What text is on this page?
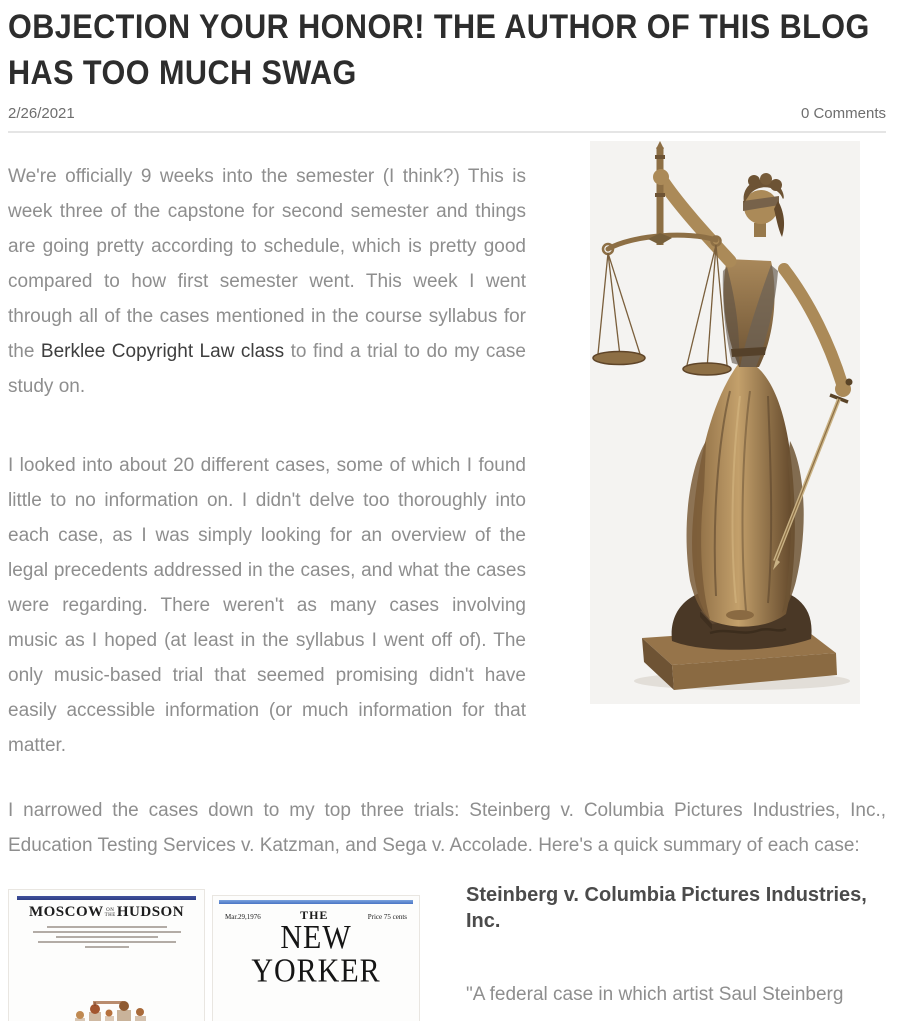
OBJECTION YOUR HONOR! THE AUTHOR OF THIS BLOG
HAS TOO MUCH SWAG
2/26/2021	0 Comments

We're officially 9 weeks into the semester (I think?) This is week three of the capstone for second semester and things are going pretty according to schedule, which is pretty good compared to how first semester went. This week I went through all of the cases mentioned in the course syllabus for the Berklee Copyright Law class to find a trial to do my case study on.

I looked into about 20 different cases, some of which I found little to no information on. I didn't delve too thoroughly into each case, as I was simply looking for an overview of the legal precedents addressed in the cases, and what the cases were regarding. There weren't as many cases involving music as I hoped (at least in the syllabus I went off of). The only music-based trial that seemed promising didn't have easily accessible information (or much information for that matter.

I narrowed the cases down to my top three trials: Steinberg v. Columbia Pictures Industries, Inc., Education Testing Services v. Katzman, and Sega v. Accolade. Here's a quick summary of each case:

MOSCOW ON
THE HUDSON	Mar.29,1976	THE	Price 75 cents
NEW YORKER
Steinberg v. Columbia Pictures Industries, Inc.

"A federal case in which artist Saul Steinberg
